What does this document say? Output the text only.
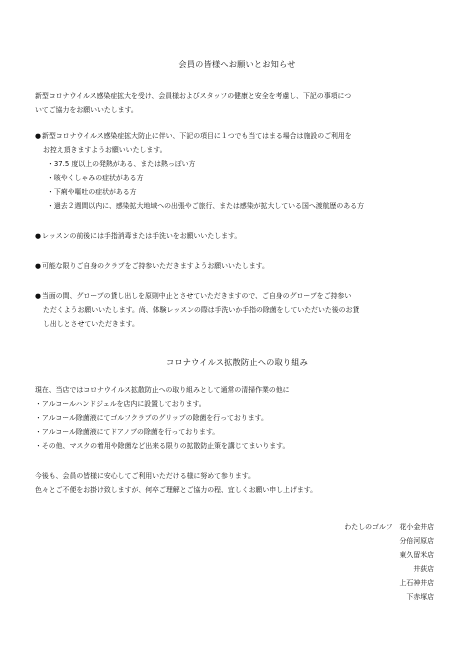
会員の皆様へお願いとお知らせ
新型コロナウイルス感染症拡大を受け、会員様およびスタッフの健康と安全を考慮し、下記の事項につ
いてご協力をお願いいたします。
● 新型コロナウイルス感染症拡大防止に伴い、下記の項目に１つでも当てはまる場合は施設のご利用を
お控え頂きますようお願いいたします。
・37.5 度以上の発熱がある、または熱っぽい方
・咳やくしゃみの症状がある方
・下痢や嘔吐の症状がある方
・過去２週間以内に、感染拡大地域への出張やご旅行、または感染が拡大している国へ渡航歴のある方
● レッスンの前後には手指消毒または手洗いをお願いいたします。
● 可能な限りご自身のクラブをご持参いただきますようお願いいたします。
● 当面の間、グローブの貸し出しを原則中止とさせていただきますので、ご自身のグローブをご持参い
ただくようお願いいたします。尚、体験レッスンの際は手洗いか手指の除菌をしていただいた後のお貸
し出しとさせていただきます。
コロナウイルス拡散防止への取り組み
現在、当店ではコロナウイルス拡散防止への取り組みとして通常の清掃作業の他に
・アルコールハンドジェルを店内に設置しております。
・アルコール除菌液にてゴルフクラブのグリップの除菌を行っております。
・アルコール除菌液にてドアノブの除菌を行っております。
・その他、マスクの着用や除菌など出来る限りの拡散防止策を講じてまいります。
今後も、会員の皆様に安心してご利用いただける様に努めて参ります。
色々とご不便をお掛け致しますが、何卒ご理解とご協力の程、宜しくお願い申し上げます。
わたしのゴルフ　花小金井店
分倍河原店
東久留米店
井荻店
上石神井店
下赤塚店
